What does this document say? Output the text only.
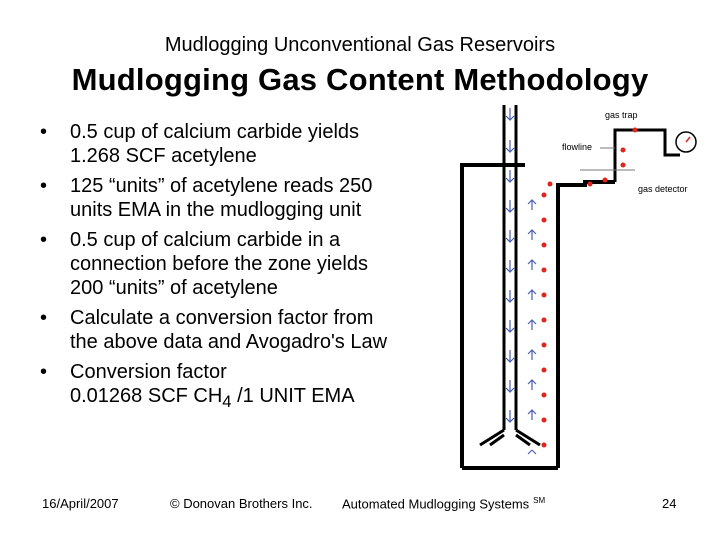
Mudlogging Unconventional Gas Reservoirs
Mudlogging Gas Content Methodology
• 0.5 cup of calcium carbide yields
1.268 SCF acetylene
• 125 “units” of acetylene reads 250
units EMA in the mudlogging unit
• 0.5 cup of calcium carbide in a
connection before the zone yields
200 “units” of acetylene
• Calculate a conversion factor from
the above data and Avogadro's Law
• Conversion factor
0.01268 SCF $CH_4$ /1 UNIT EMA
gas trap
flowline
gas detector
16/April/2007	© Donovan Brothers Inc. Automated Mudlogging Systems ℠	24
